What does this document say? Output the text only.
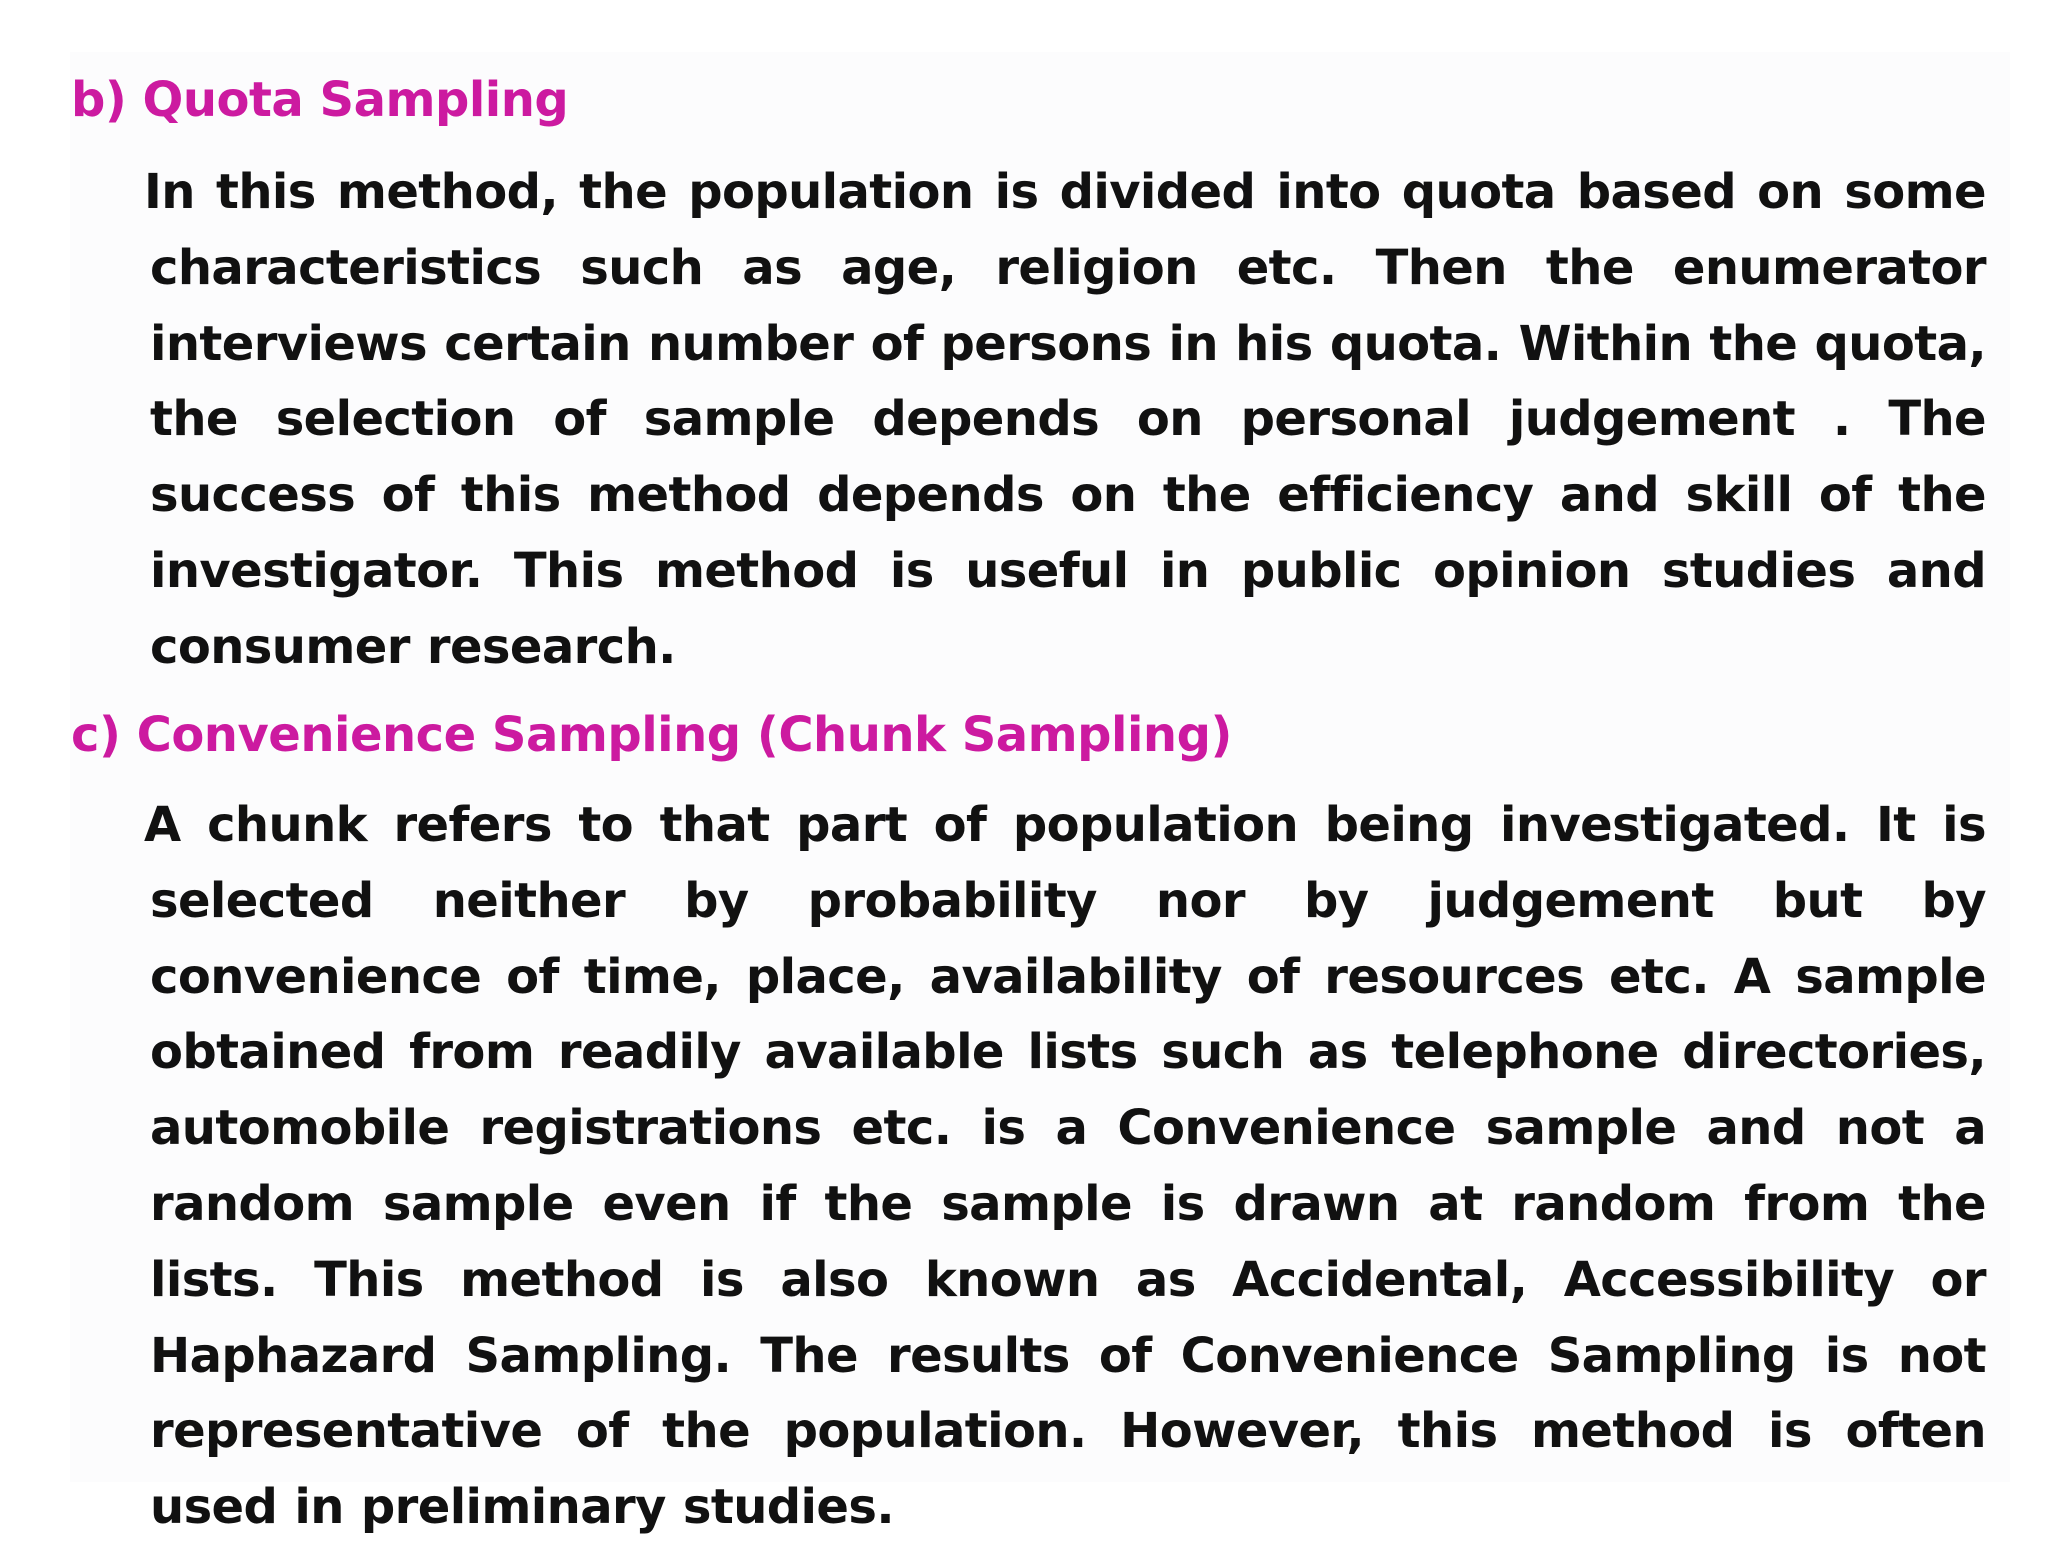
b) Quota Sampling

In this method, the population is divided into quota based on some characteristics such as age, religion etc. Then the enumerator interviews certain number of persons in his quota. Within the quota, the selection of sample depends on personal judgement . The success of this method depends on the efficiency and skill of the investigator. This method is useful in public opinion studies and consumer research.

c) Convenience Sampling (Chunk Sampling)

A chunk refers to that part of population being investigated. It is selected neither by probability nor by judgement but by convenience of time, place, availability of resources etc. A sample obtained from readily available lists such as telephone directories, automobile registrations etc. is a Convenience sample and not a random sample even if the sample is drawn at random from the lists. This method is also known as Accidental, Accessibility or Haphazard Sampling. The results of Convenience Sampling is not representative of the population. However, this method is often used in preliminary studies.
